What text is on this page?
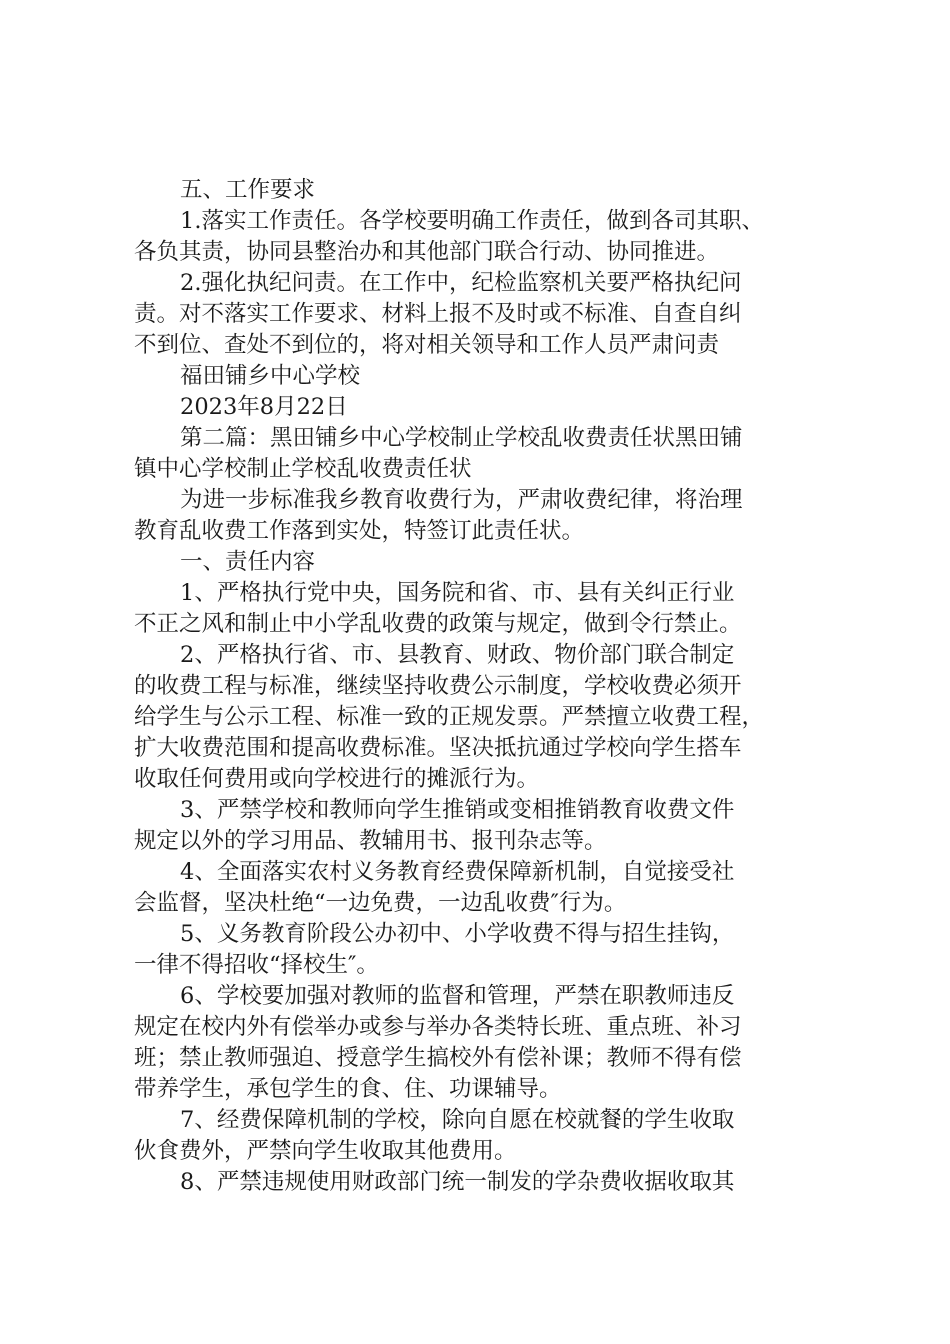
五、工作要求
1.落实工作责任。各学校要明确工作责任，做到各司其职、
各负其责，协同县整治办和其他部门联合行动、协同推进。
2.强化执纪问责。在工作中，纪检监察机关要严格执纪问
责。对不落实工作要求、材料上报不及时或不标准、自查自纠
不到位、查处不到位的，将对相关领导和工作人员严肃问责
福田铺乡中心学校
2023年8月22日
第二篇：黑田铺乡中心学校制止学校乱收费责任状黑田铺
镇中心学校制止学校乱收费责任状
为进一步标准我乡教育收费行为，严肃收费纪律，将治理
教育乱收费工作落到实处，特签订此责任状。
一、责任内容
1、严格执行党中央，国务院和省、市、县有关纠正行业
不正之风和制止中小学乱收费的政策与规定，做到令行禁止。
2、严格执行省、市、县教育、财政、物价部门联合制定
的收费工程与标准，继续坚持收费公示制度，学校收费必须开
给学生与公示工程、标准一致的正规发票。严禁擅立收费工程，
扩大收费范围和提高收费标准。坚决抵抗通过学校向学生搭车
收取任何费用或向学校进行的摊派行为。
3、严禁学校和教师向学生推销或变相推销教育收费文件
规定以外的学习用品、教辅用书、报刊杂志等。
4、全面落实农村义务教育经费保障新机制，自觉接受社
会监督，坚决杜绝“一边免费，一边乱收费″行为。
5、义务教育阶段公办初中、小学收费不得与招生挂钩，
一律不得招收“择校生″。
6、学校要加强对教师的监督和管理，严禁在职教师违反
规定在校内外有偿举办或参与举办各类特长班、重点班、补习
班；禁止教师强迫、授意学生搞校外有偿补课；教师不得有偿
带养学生，承包学生的食、住、功课辅导。
7、经费保障机制的学校，除向自愿在校就餐的学生收取
伙食费外，严禁向学生收取其他费用。
8、严禁违规使用财政部门统一制发的学杂费收据收取其
